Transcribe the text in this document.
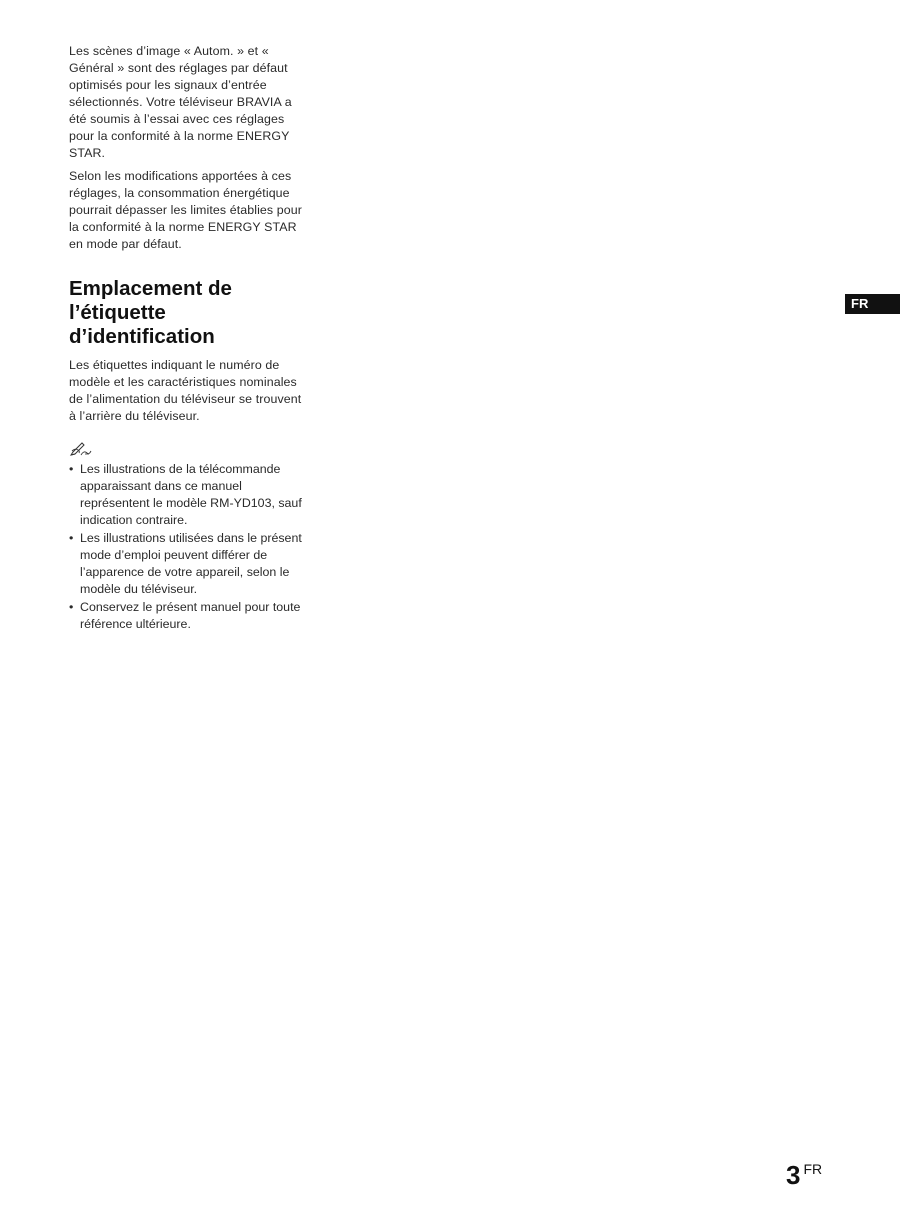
Les scènes d’image « Autom. » et « Général » sont des réglages par défaut optimisés pour les signaux d’entrée sélectionnés. Votre téléviseur BRAVIA a été soumis à l’essai avec ces réglages pour la conformité à la norme ENERGY STAR.

Selon les modifications apportées à ces réglages, la consommation énergétique pourrait dépasser les limites établies pour la conformité à la norme ENERGY STAR en mode par défaut.

Emplacement de l’étiquette d’identification

Les étiquettes indiquant le numéro de modèle et les caractéristiques nominales de l’alimentation du téléviseur se trouvent à l’arrière du téléviseur.

• Les illustrations de la télécommande apparaissant dans ce manuel représentent le modèle RM-YD103, sauf indication contraire.
• Les illustrations utilisées dans le présent mode d’emploi peuvent différer de l’apparence de votre appareil, selon le modèle du téléviseur.
• Conservez le présent manuel pour toute référence ultérieure.
FR
3 FR
